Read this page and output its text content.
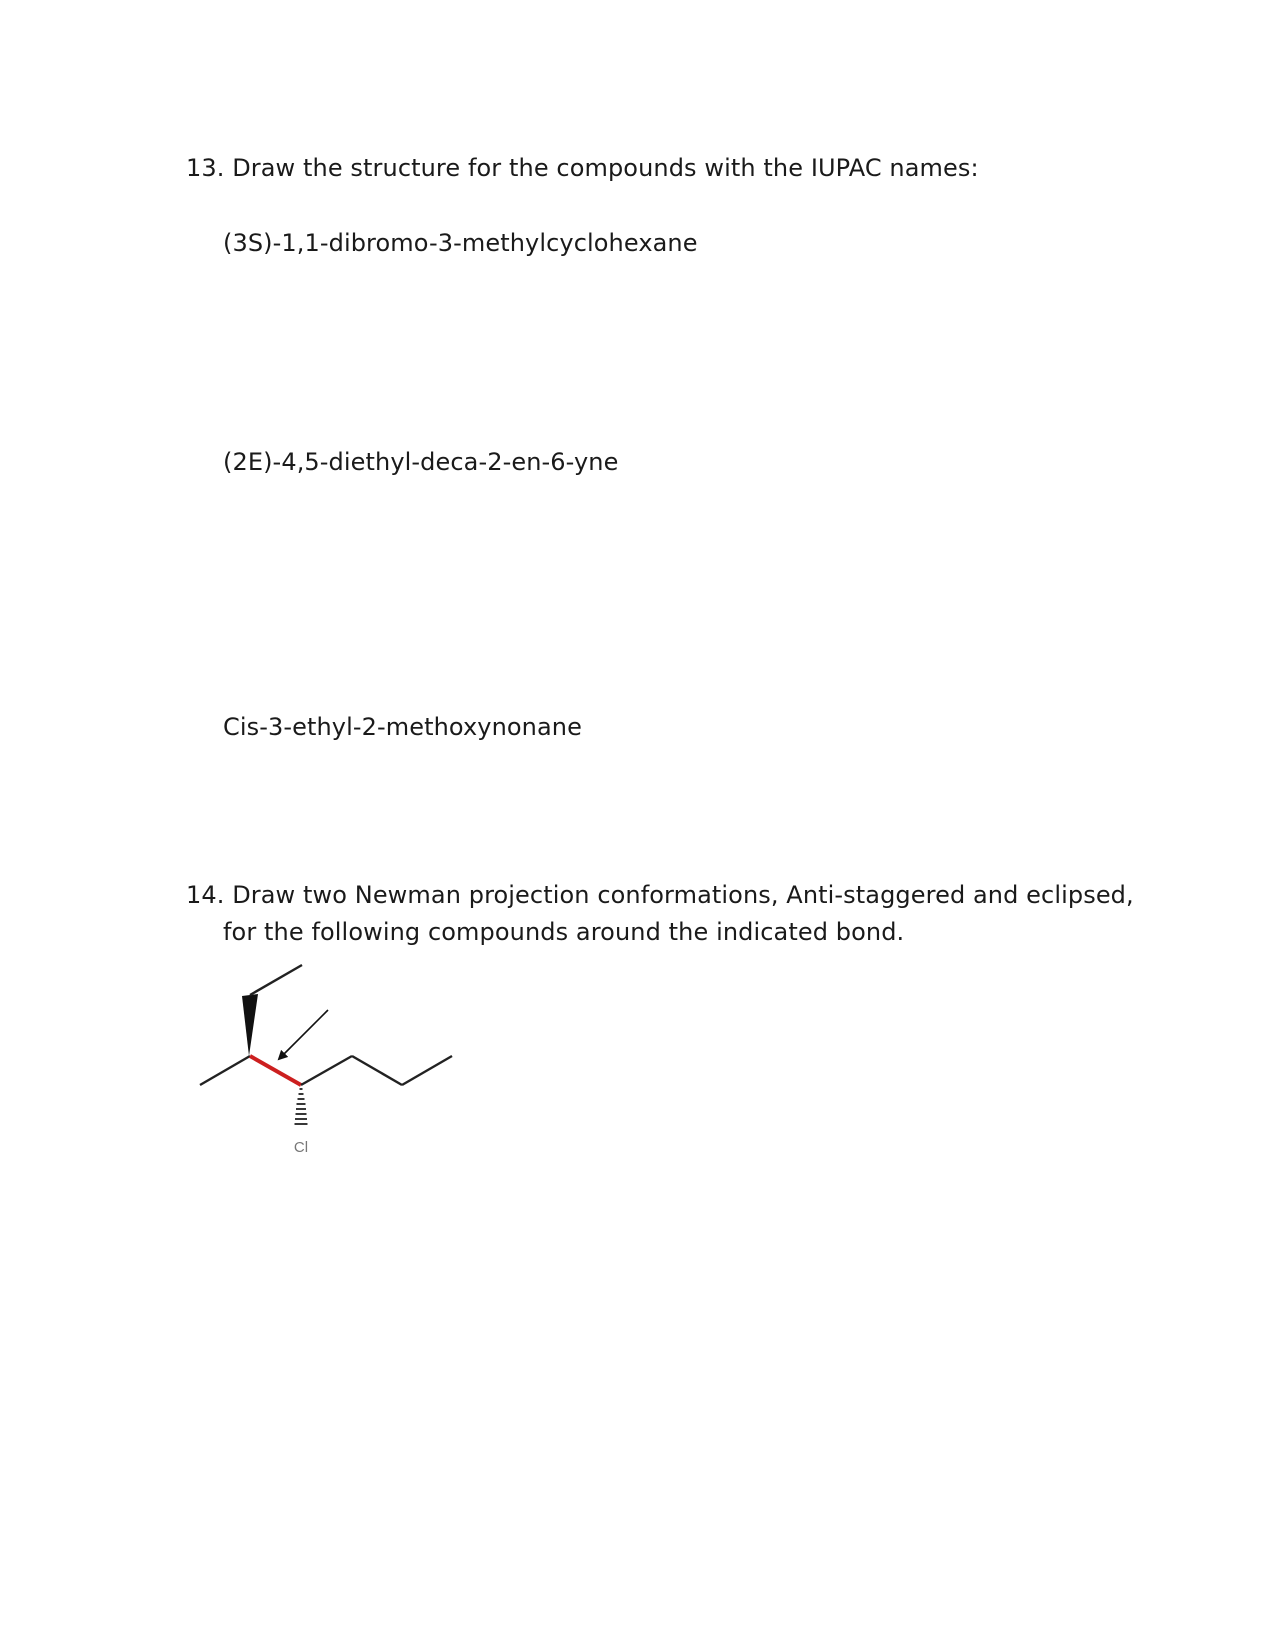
13. Draw the structure for the compounds with the IUPAC names:
(3S)-1,1-dibromo-3-methylcyclohexane
(2E)-4,5-diethyl-deca-2-en-6-yne
Cis-3-ethyl-2-methoxynonane
14. Draw two Newman projection conformations, Anti-staggered and eclipsed,
for the following compounds around the indicated bond.
Cl
